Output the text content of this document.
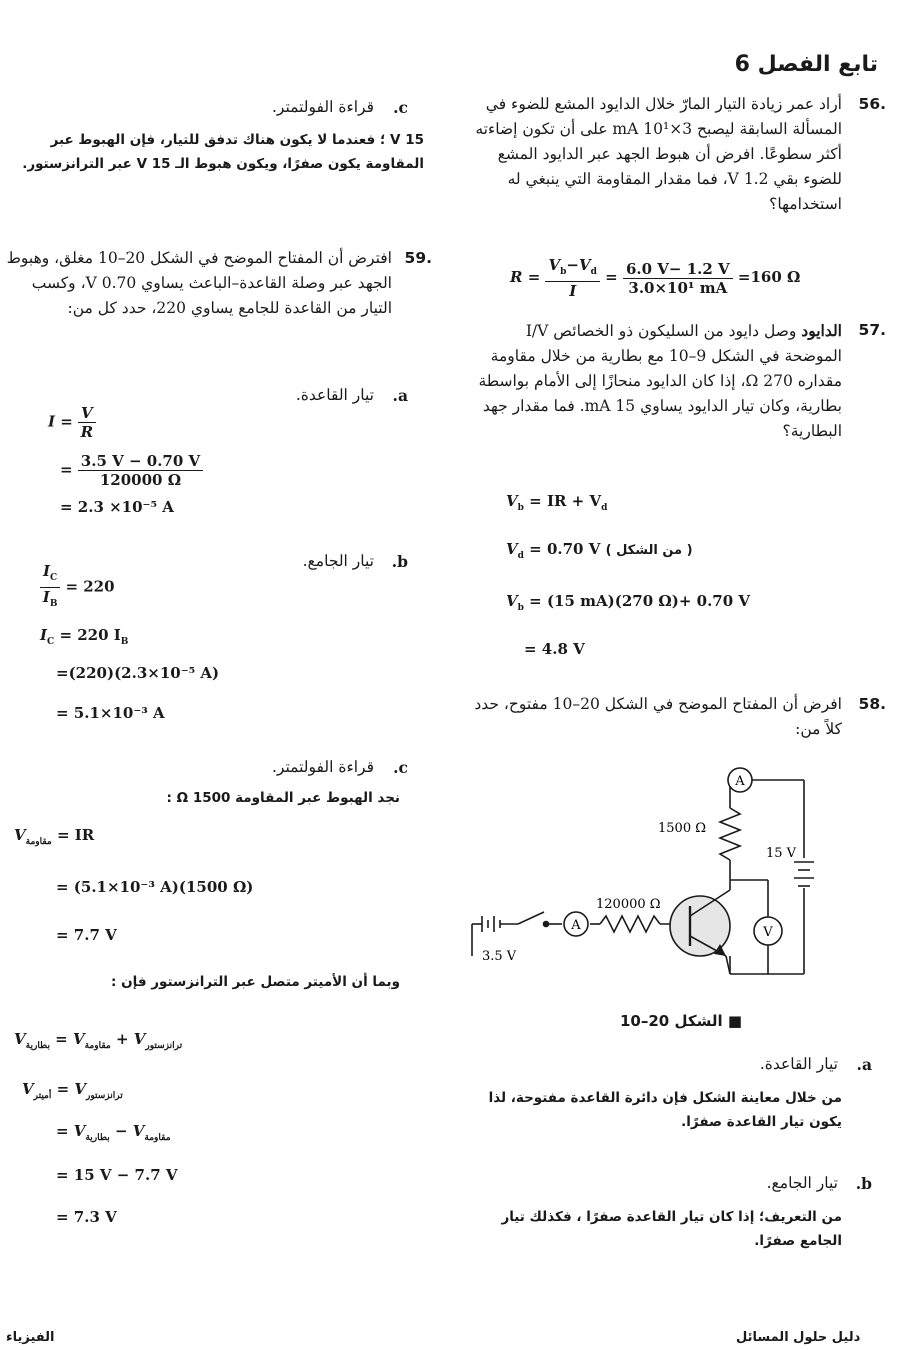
تابع الفصل 6
.56
أراد عمر زيادة التيار المارّ خلال الدايود المشع للضوء في المسألة السابقة ليصبح 3×10¹ mA على أن تكون إضاءته أكثر سطوعًا. افرض أن هبوط الجهد عبر الدايود المشع للضوء بقي 1.2 V، فما مقدار المقاومة التي ينبغي له استخدامها؟
$R = \frac{V_b-V_d}{I} = \frac{6.0 V- 1.2 V}{\text{3.0×10¹ mA}} =160$ Ω
.57
الدايود وصل دايود من السليكون ذو الخصائص I/V الموضحة في الشكل 9–10 مع بطارية من خلال مقاومة مقداره 270 Ω، إذا كان الدايود منحازًا إلى الأمام بواسطة بطارية، وكان تيار الدايود يساوي 15 mA. فما مقدار جهد البطارية؟
$V_b$ = IR + $V_d$
$V_d = 0.70$ V ( من الشكل )
$V_b = (15$ mA)(270 Ω)+ 0.70 V
= 4.8 V
.58
افرض أن المفتاح الموضح في الشكل 20–10 مفتوح، حدد كلاً من:
A
A	V
1500 Ω
15 V
120000 Ω
3.5 V
■ الشكل 20–10
a.
تيار القاعدة.
من خلال معاينة الشكل فإن دائرة القاعدة مفتوحة، لذا يكون تيار القاعدة صفرًا.
b.
تيار الجامع.
من التعريف؛ إذا كان تيار القاعدة صفرًا ، فكذلك تيار الجامع صفرًا.
c.
قراءة الفولتمتر.
15 V ؛ فعندما لا يكون هناك تدفق للتيار، فإن الهبوط عبر المقاومة يكون صفرًا، ويكون هبوط الـ 15 V عبر الترانزستور.
.59
افترض أن المفتاح الموضح في الشكل 20–10 مغلق، وهبوط الجهد عبر وصلة القاعدة–الباعث يساوي 0.70 V، وكسب التيار من القاعدة للجامع يساوي 220، حدد كل من:
a.
تيار القاعدة.
$I = \frac{V}{R}$
= $\frac{3.5 V - 0.70 V}{120000 \Omega}$
= 2.3 ×10⁻⁵ A
b.
تيار الجامع.
$\frac{I_C}{I_B} = 220$
$I_C = 220$ $I_B$
=(220)(2.3×10⁻⁵ A)
= 5.1×10⁻³ A
c.
قراءة الفولتمتر.
نجد الهبوط عبر المقاومة 1500 Ω :
$V_{مقاومة}$ = IR
= (5.1×10⁻³ A)(1500 Ω)
= 7.7 V
وبما أن الأميتر متصل عبر الترانزستور فإن :
$V_{بطارية} = V_{مقاومة} + V_{ترانزستور}$
$V_{أميتر} = V_{ترانزستور}$
= $V_{بطارية} - V_{مقاومة}$
= 15 V − 7.7 V
= 7.3 V
دليل حلول المسائل
الفيزياء
